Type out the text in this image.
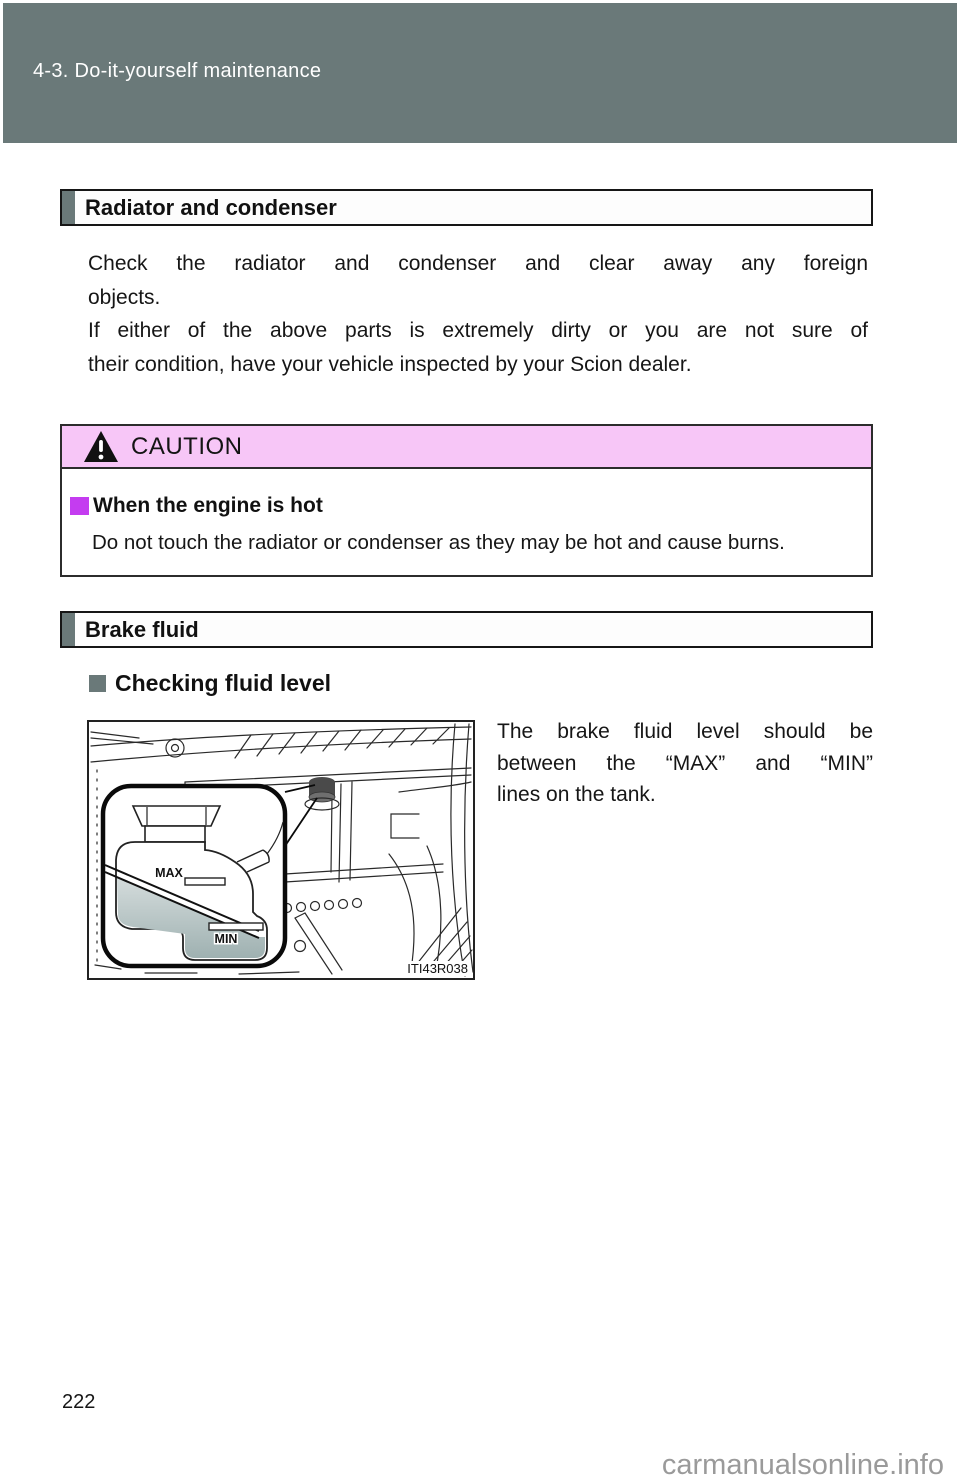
4-3. Do-it-yourself maintenance
Radiator and condenser
Check the radiator and condenser and clear away any foreign
objects.
If either of the above parts is extremely dirty or you are not sure of
their condition, have your vehicle inspected by your Scion dealer.
CAUTION
When the engine is hot
Do not touch the radiator or condenser as they may be hot and cause burns.
Brake fluid
Checking fluid level
MAX
MIN
ITI43R038
The brake fluid level should be
between the “MAX” and “MIN”
lines on the tank.
222
carmanualsonline.info
